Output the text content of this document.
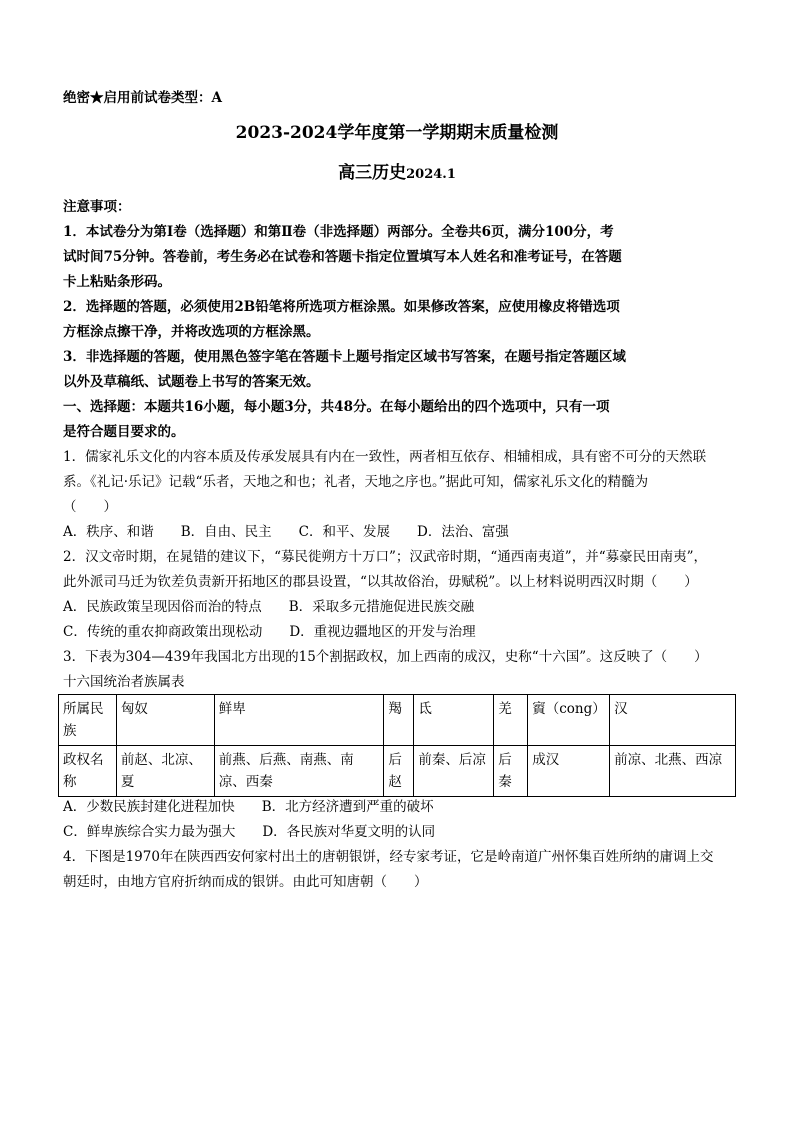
绝密★启用前试卷类型：A
2023-2024学年度第一学期期末质量检测
高三历史2024.1
注意事项：
1．本试卷分为第Ⅰ卷（选择题）和第Ⅱ卷（非选择题）两部分。全卷共6页，满分100分，考
试时间75分钟。答卷前，考生务必在试卷和答题卡指定位置填写本人姓名和准考证号，在答题
卡上粘贴条形码。
2．选择题的答题，必须使用2B铅笔将所选项方框涂黑。如果修改答案，应使用橡皮将错选项
方框涂点擦干净，并将改选项的方框涂黑。
3．非选择题的答题，使用黑色签字笔在答题卡上题号指定区域书写答案，在题号指定答题区域
以外及草稿纸、试题卷上书写的答案无效。
一、选择题：本题共16小题，每小题3分，共48分。在每小题给出的四个选项中，只有一项
是符合题目要求的。
1．儒家礼乐文化的内容本质及传承发展具有内在一致性，两者相互依存、相辅相成，具有密不可分的天然联
系。《礼记·乐记》记载“乐者，天地之和也；礼者，天地之序也。”据此可知，儒家礼乐文化的精髓为
（　　）
A．秩序、和谐　　B．自由、民主　　C．和平、发展　　D．法治、富强
2．汉文帝时期，在晁错的建议下，“募民徙朔方十万口”；汉武帝时期，“通西南夷道”，并“募豪民田南夷”，
此外派司马迁为钦差负责新开拓地区的郡县设置，“以其故俗治，毋赋税”。以上材料说明西汉时期（　　）
A．民族政策呈现因俗而治的特点　　B．采取多元措施促进民族交融
C．传统的重农抑商政策出现松动　　D．重视边疆地区的开发与治理
3．下表为304—439年我国北方出现的15个割据政权，加上西南的成汉，史称“十六国”。这反映了（　　）
十六国统治者族属表
所属民族	匈奴	鲜卑	羯	氐	羌	賨（cong）	汉
政权名称	前赵、北凉、夏	前燕、后燕、南燕、南凉、西秦	后赵	前秦、后凉	后秦	成汉	前凉、北燕、西凉
A．少数民族封建化进程加快　　B．北方经济遭到严重的破坏
C．鲜卑族综合实力最为强大　　D．各民族对华夏文明的认同
4．下图是1970年在陕西西安何家村出土的唐朝银饼，经专家考证，它是岭南道广州怀集百姓所纳的庸调上交
朝廷时，由地方官府折纳而成的银饼。由此可知唐朝（　　）
